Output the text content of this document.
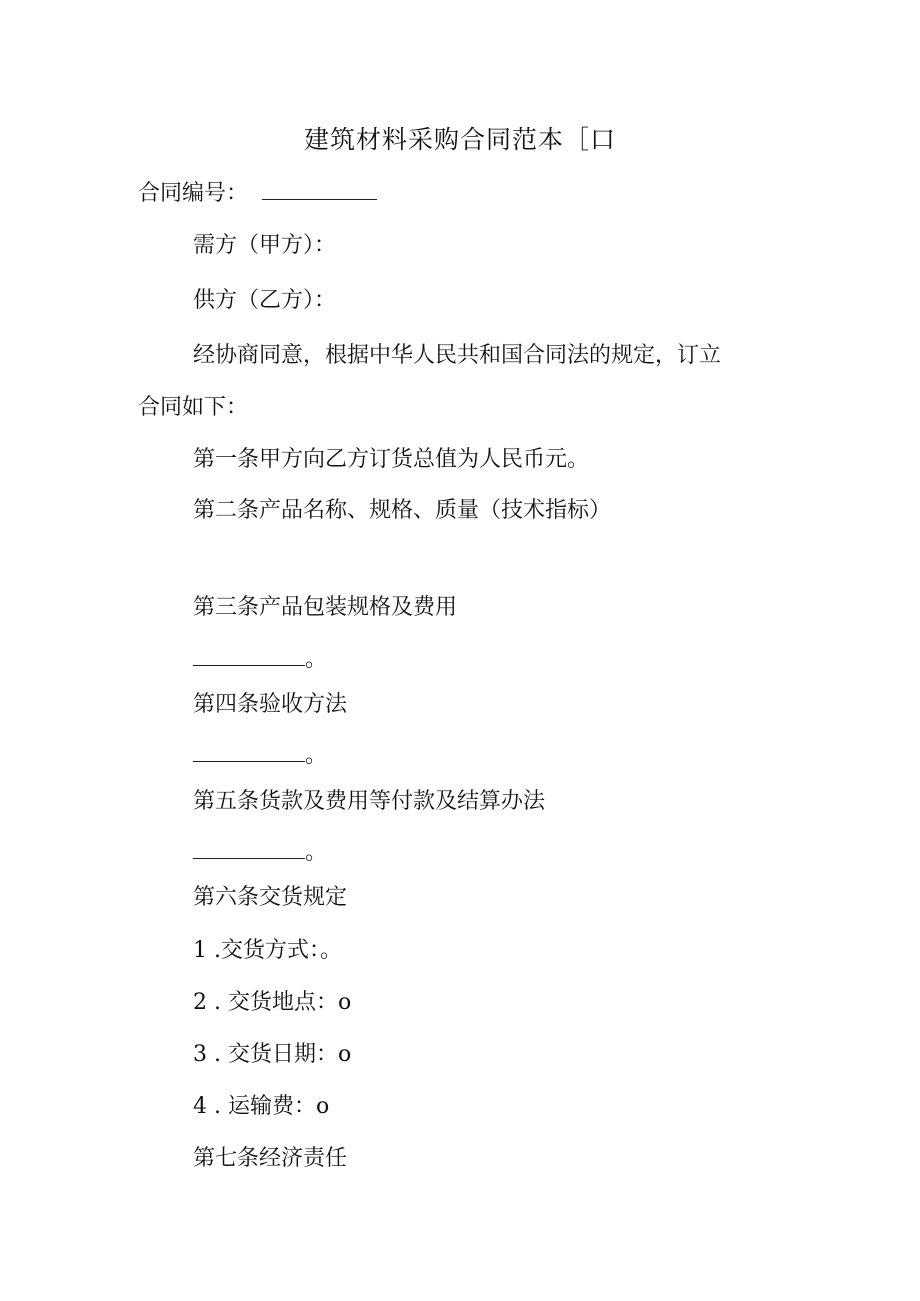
建筑材料采购合同范本［口
合同编号：
需方（甲方）：
供方（乙方）：
经协商同意，根据中华人民共和国合同法的规定，订立
合同如下：
第一条甲方向乙方订货总值为人民币元。
第二条产品名称、规格、质量（技术指标）
第三条产品包装规格及费用
。
第四条验收方法
。
第五条货款及费用等付款及结算办法
。
第六条交货规定
1 .交货方式：。
2 . 交货地点：o
3 . 交货日期：o
4 . 运输费：o
第七条经济责任
